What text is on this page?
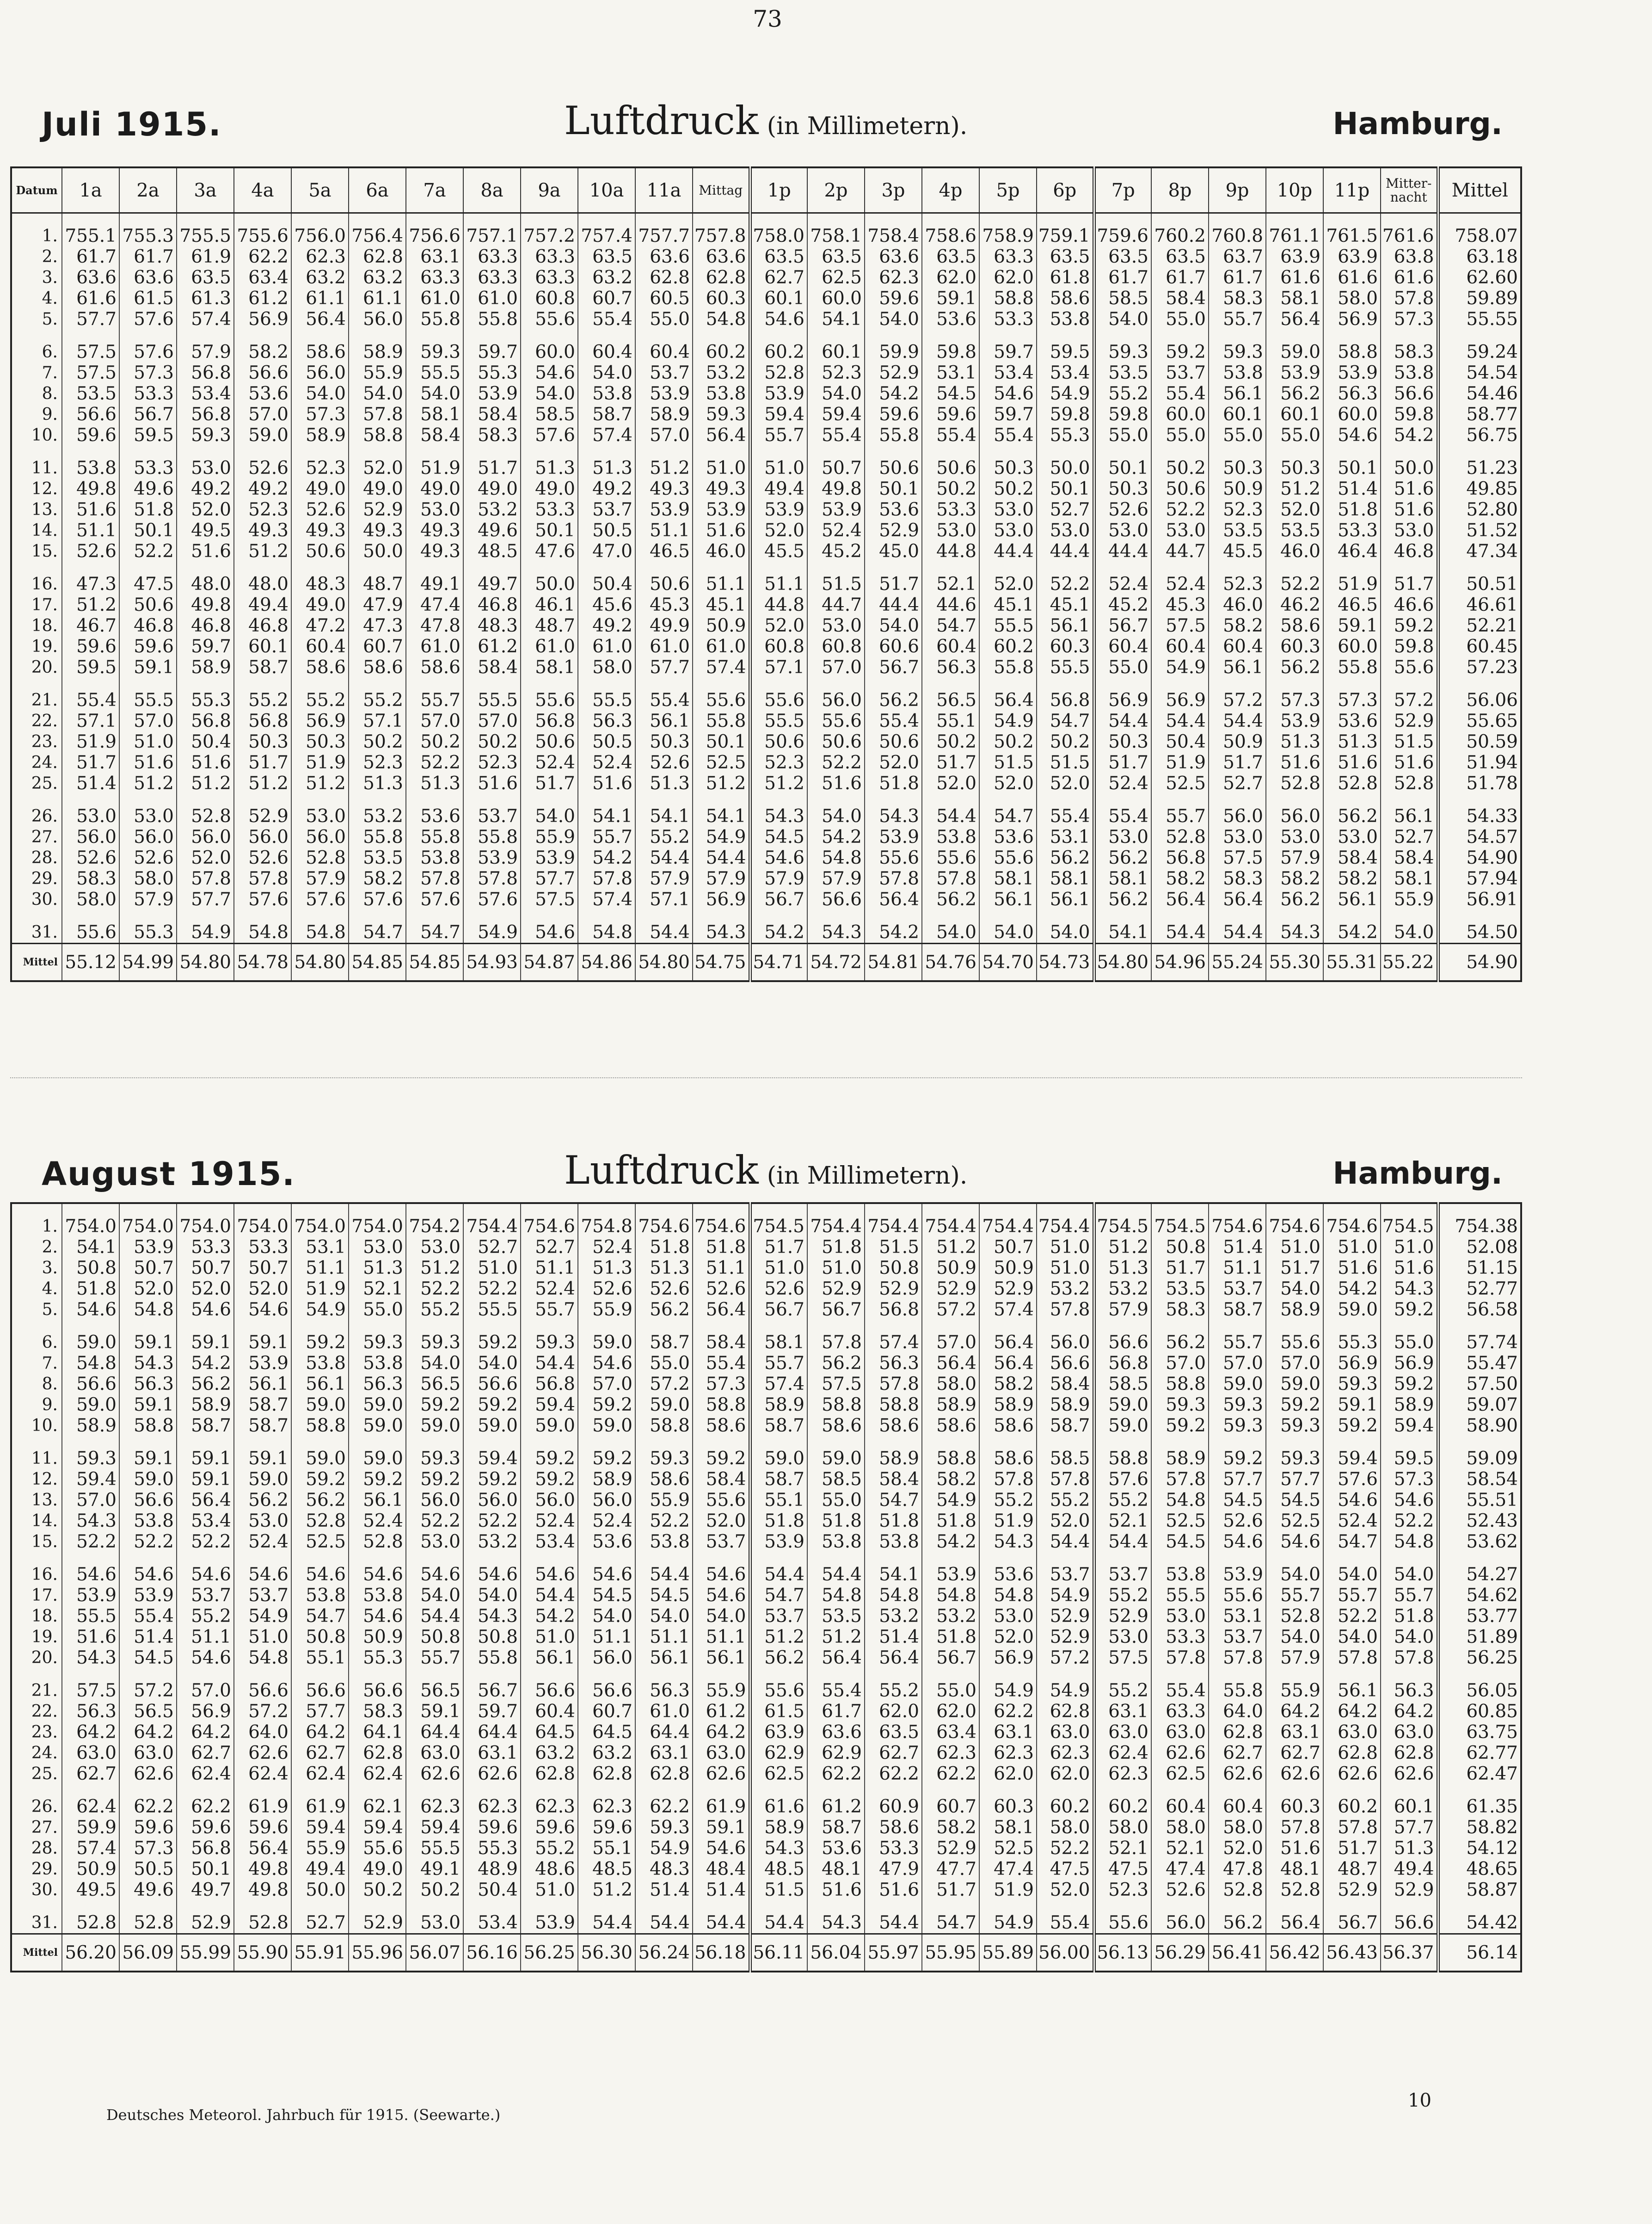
73
Juli 1915.	Luftdruck (in Millimetern).	Hamburg.
Datum	1a	2a	3a	4a	5a	6a	7a	8a	9a	10a	11a	Mittag	1p	2p	3p	4p	5p	6p	7p	8p	9p	10p	11p	Mitter-nacht	Mittel
1.	755.1	755.3	755.5	755.6	756.0	756.4	756.6	757.1	757.2	757.4	757.7	757.8	758.0	758.1	758.4	758.6	758.9	759.1	759.6	760.2	760.8	761.1	761.5	761.6	758.07
2.	61.7	61.7	61.9	62.2	62.3	62.8	63.1	63.3	63.3	63.5	63.6	63.6	63.5	63.5	63.6	63.5	63.3	63.5	63.5	63.5	63.7	63.9	63.9	63.8	63.18
3.	63.6	63.6	63.5	63.4	63.2	63.2	63.3	63.3	63.3	63.2	62.8	62.8	62.7	62.5	62.3	62.0	62.0	61.8	61.7	61.7	61.7	61.6	61.6	61.6	62.60
4.	61.6	61.5	61.3	61.2	61.1	61.1	61.0	61.0	60.8	60.7	60.5	60.3	60.1	60.0	59.6	59.1	58.8	58.6	58.5	58.4	58.3	58.1	58.0	57.8	59.89
5.	57.7	57.6	57.4	56.9	56.4	56.0	55.8	55.8	55.6	55.4	55.0	54.8	54.6	54.1	54.0	53.6	53.3	53.8	54.0	55.0	55.7	56.4	56.9	57.3	55.55
6.	57.5	57.6	57.9	58.2	58.6	58.9	59.3	59.7	60.0	60.4	60.4	60.2	60.2	60.1	59.9	59.8	59.7	59.5	59.3	59.2	59.3	59.0	58.8	58.3	59.24
7.	57.5	57.3	56.8	56.6	56.0	55.9	55.5	55.3	54.6	54.0	53.7	53.2	52.8	52.3	52.9	53.1	53.4	53.4	53.5	53.7	53.8	53.9	53.9	53.8	54.54
8.	53.5	53.3	53.4	53.6	54.0	54.0	54.0	53.9	54.0	53.8	53.9	53.8	53.9	54.0	54.2	54.5	54.6	54.9	55.2	55.4	56.1	56.2	56.3	56.6	54.46
9.	56.6	56.7	56.8	57.0	57.3	57.8	58.1	58.4	58.5	58.7	58.9	59.3	59.4	59.4	59.6	59.6	59.7	59.8	59.8	60.0	60.1	60.1	60.0	59.8	58.77
10.	59.6	59.5	59.3	59.0	58.9	58.8	58.4	58.3	57.6	57.4	57.0	56.4	55.7	55.4	55.8	55.4	55.4	55.3	55.0	55.0	55.0	55.0	54.6	54.2	56.75
11.	53.8	53.3	53.0	52.6	52.3	52.0	51.9	51.7	51.3	51.3	51.2	51.0	51.0	50.7	50.6	50.6	50.3	50.0	50.1	50.2	50.3	50.3	50.1	50.0	51.23
12.	49.8	49.6	49.2	49.2	49.0	49.0	49.0	49.0	49.0	49.2	49.3	49.3	49.4	49.8	50.1	50.2	50.2	50.1	50.3	50.6	50.9	51.2	51.4	51.6	49.85
13.	51.6	51.8	52.0	52.3	52.6	52.9	53.0	53.2	53.3	53.7	53.9	53.9	53.9	53.9	53.6	53.3	53.0	52.7	52.6	52.2	52.3	52.0	51.8	51.6	52.80
14.	51.1	50.1	49.5	49.3	49.3	49.3	49.3	49.6	50.1	50.5	51.1	51.6	52.0	52.4	52.9	53.0	53.0	53.0	53.0	53.0	53.5	53.5	53.3	53.0	51.52
15.	52.6	52.2	51.6	51.2	50.6	50.0	49.3	48.5	47.6	47.0	46.5	46.0	45.5	45.2	45.0	44.8	44.4	44.4	44.4	44.7	45.5	46.0	46.4	46.8	47.34
16.	47.3	47.5	48.0	48.0	48.3	48.7	49.1	49.7	50.0	50.4	50.6	51.1	51.1	51.5	51.7	52.1	52.0	52.2	52.4	52.4	52.3	52.2	51.9	51.7	50.51
17.	51.2	50.6	49.8	49.4	49.0	47.9	47.4	46.8	46.1	45.6	45.3	45.1	44.8	44.7	44.4	44.6	45.1	45.1	45.2	45.3	46.0	46.2	46.5	46.6	46.61
18.	46.7	46.8	46.8	46.8	47.2	47.3	47.8	48.3	48.7	49.2	49.9	50.9	52.0	53.0	54.0	54.7	55.5	56.1	56.7	57.5	58.2	58.6	59.1	59.2	52.21
19.	59.6	59.6	59.7	60.1	60.4	60.7	61.0	61.2	61.0	61.0	61.0	61.0	60.8	60.8	60.6	60.4	60.2	60.3	60.4	60.4	60.4	60.3	60.0	59.8	60.45
20.	59.5	59.1	58.9	58.7	58.6	58.6	58.6	58.4	58.1	58.0	57.7	57.4	57.1	57.0	56.7	56.3	55.8	55.5	55.0	54.9	56.1	56.2	55.8	55.6	57.23
21.	55.4	55.5	55.3	55.2	55.2	55.2	55.7	55.5	55.6	55.5	55.4	55.6	55.6	56.0	56.2	56.5	56.4	56.8	56.9	56.9	57.2	57.3	57.3	57.2	56.06
22.	57.1	57.0	56.8	56.8	56.9	57.1	57.0	57.0	56.8	56.3	56.1	55.8	55.5	55.6	55.4	55.1	54.9	54.7	54.4	54.4	54.4	53.9	53.6	52.9	55.65
23.	51.9	51.0	50.4	50.3	50.3	50.2	50.2	50.2	50.6	50.5	50.3	50.1	50.6	50.6	50.6	50.2	50.2	50.2	50.3	50.4	50.9	51.3	51.3	51.5	50.59
24.	51.7	51.6	51.6	51.7	51.9	52.3	52.2	52.3	52.4	52.4	52.6	52.5	52.3	52.2	52.0	51.7	51.5	51.5	51.7	51.9	51.7	51.6	51.6	51.6	51.94
25.	51.4	51.2	51.2	51.2	51.2	51.3	51.3	51.6	51.7	51.6	51.3	51.2	51.2	51.6	51.8	52.0	52.0	52.0	52.4	52.5	52.7	52.8	52.8	52.8	51.78
26.	53.0	53.0	52.8	52.9	53.0	53.2	53.6	53.7	54.0	54.1	54.1	54.1	54.3	54.0	54.3	54.4	54.7	55.4	55.4	55.7	56.0	56.0	56.2	56.1	54.33
27.	56.0	56.0	56.0	56.0	56.0	55.8	55.8	55.8	55.9	55.7	55.2	54.9	54.5	54.2	53.9	53.8	53.6	53.1	53.0	52.8	53.0	53.0	53.0	52.7	54.57
28.	52.6	52.6	52.0	52.6	52.8	53.5	53.8	53.9	53.9	54.2	54.4	54.4	54.6	54.8	55.6	55.6	55.6	56.2	56.2	56.8	57.5	57.9	58.4	58.4	54.90
29.	58.3	58.0	57.8	57.8	57.9	58.2	57.8	57.8	57.7	57.8	57.9	57.9	57.9	57.9	57.8	57.8	58.1	58.1	58.1	58.2	58.3	58.2	58.2	58.1	57.94
30.	58.0	57.9	57.7	57.6	57.6	57.6	57.6	57.6	57.5	57.4	57.1	56.9	56.7	56.6	56.4	56.2	56.1	56.1	56.2	56.4	56.4	56.2	56.1	55.9	56.91
31.	55.6	55.3	54.9	54.8	54.8	54.7	54.7	54.9	54.6	54.8	54.4	54.3	54.2	54.3	54.2	54.0	54.0	54.0	54.1	54.4	54.4	54.3	54.2	54.0	54.50
Mittel	55.12	54.99	54.80	54.78	54.80	54.85	54.85	54.93	54.87	54.86	54.80	54.75	54.71	54.72	54.81	54.76	54.70	54.73	54.80	54.96	55.24	55.30	55.31	55.22	54.90
August 1915.	Luftdruck (in Millimetern).	Hamburg.
1.	754.0	754.0	754.0	754.0	754.0	754.0	754.2	754.4	754.6	754.8	754.6	754.6	754.5	754.4	754.4	754.4	754.4	754.4	754.5	754.5	754.6	754.6	754.6	754.5	754.38
2.	54.1	53.9	53.3	53.3	53.1	53.0	53.0	52.7	52.7	52.4	51.8	51.8	51.7	51.8	51.5	51.2	50.7	51.0	51.2	50.8	51.4	51.0	51.0	51.0	52.08
3.	50.8	50.7	50.7	50.7	51.1	51.3	51.2	51.0	51.1	51.3	51.3	51.1	51.0	51.0	50.8	50.9	50.9	51.0	51.3	51.7	51.1	51.7	51.6	51.6	51.15
4.	51.8	52.0	52.0	52.0	51.9	52.1	52.2	52.2	52.4	52.6	52.6	52.6	52.6	52.9	52.9	52.9	52.9	53.2	53.2	53.5	53.7	54.0	54.2	54.3	52.77
5.	54.6	54.8	54.6	54.6	54.9	55.0	55.2	55.5	55.7	55.9	56.2	56.4	56.7	56.7	56.8	57.2	57.4	57.8	57.9	58.3	58.7	58.9	59.0	59.2	56.58
6.	59.0	59.1	59.1	59.1	59.2	59.3	59.3	59.2	59.3	59.0	58.7	58.4	58.1	57.8	57.4	57.0	56.4	56.0	56.6	56.2	55.7	55.6	55.3	55.0	57.74
7.	54.8	54.3	54.2	53.9	53.8	53.8	54.0	54.0	54.4	54.6	55.0	55.4	55.7	56.2	56.3	56.4	56.4	56.6	56.8	57.0	57.0	57.0	56.9	56.9	55.47
8.	56.6	56.3	56.2	56.1	56.1	56.3	56.5	56.6	56.8	57.0	57.2	57.3	57.4	57.5	57.8	58.0	58.2	58.4	58.5	58.8	59.0	59.0	59.3	59.2	57.50
9.	59.0	59.1	58.9	58.7	59.0	59.0	59.2	59.2	59.4	59.2	59.0	58.8	58.9	58.8	58.8	58.9	58.9	58.9	59.0	59.3	59.3	59.2	59.1	58.9	59.07
10.	58.9	58.8	58.7	58.7	58.8	59.0	59.0	59.0	59.0	59.0	58.8	58.6	58.7	58.6	58.6	58.6	58.6	58.7	59.0	59.2	59.3	59.3	59.2	59.4	58.90
11.	59.3	59.1	59.1	59.1	59.0	59.0	59.3	59.4	59.2	59.2	59.3	59.2	59.0	59.0	58.9	58.8	58.6	58.5	58.8	58.9	59.2	59.3	59.4	59.5	59.09
12.	59.4	59.0	59.1	59.0	59.2	59.2	59.2	59.2	59.2	58.9	58.6	58.4	58.7	58.5	58.4	58.2	57.8	57.8	57.6	57.8	57.7	57.7	57.6	57.3	58.54
13.	57.0	56.6	56.4	56.2	56.2	56.1	56.0	56.0	56.0	56.0	55.9	55.6	55.1	55.0	54.7	54.9	55.2	55.2	55.2	54.8	54.5	54.5	54.6	54.6	55.51
14.	54.3	53.8	53.4	53.0	52.8	52.4	52.2	52.2	52.4	52.4	52.2	52.0	51.8	51.8	51.8	51.8	51.9	52.0	52.1	52.5	52.6	52.5	52.4	52.2	52.43
15.	52.2	52.2	52.2	52.4	52.5	52.8	53.0	53.2	53.4	53.6	53.8	53.7	53.9	53.8	53.8	54.2	54.3	54.4	54.4	54.5	54.6	54.6	54.7	54.8	53.62
16.	54.6	54.6	54.6	54.6	54.6	54.6	54.6	54.6	54.6	54.6	54.4	54.6	54.4	54.4	54.1	53.9	53.6	53.7	53.7	53.8	53.9	54.0	54.0	54.0	54.27
17.	53.9	53.9	53.7	53.7	53.8	53.8	54.0	54.0	54.4	54.5	54.5	54.6	54.7	54.8	54.8	54.8	54.8	54.9	55.2	55.5	55.6	55.7	55.7	55.7	54.62
18.	55.5	55.4	55.2	54.9	54.7	54.6	54.4	54.3	54.2	54.0	54.0	54.0	53.7	53.5	53.2	53.2	53.0	52.9	52.9	53.0	53.1	52.8	52.2	51.8	53.77
19.	51.6	51.4	51.1	51.0	50.8	50.9	50.8	50.8	51.0	51.1	51.1	51.1	51.2	51.2	51.4	51.8	52.0	52.9	53.0	53.3	53.7	54.0	54.0	54.0	51.89
20.	54.3	54.5	54.6	54.8	55.1	55.3	55.7	55.8	56.1	56.0	56.1	56.1	56.2	56.4	56.4	56.7	56.9	57.2	57.5	57.8	57.8	57.9	57.8	57.8	56.25
21.	57.5	57.2	57.0	56.6	56.6	56.6	56.5	56.7	56.6	56.6	56.3	55.9	55.6	55.4	55.2	55.0	54.9	54.9	55.2	55.4	55.8	55.9	56.1	56.3	56.05
22.	56.3	56.5	56.9	57.2	57.7	58.3	59.1	59.7	60.4	60.7	61.0	61.2	61.5	61.7	62.0	62.0	62.2	62.8	63.1	63.3	64.0	64.2	64.2	64.2	60.85
23.	64.2	64.2	64.2	64.0	64.2	64.1	64.4	64.4	64.5	64.5	64.4	64.2	63.9	63.6	63.5	63.4	63.1	63.0	63.0	63.0	62.8	63.1	63.0	63.0	63.75
24.	63.0	63.0	62.7	62.6	62.7	62.8	63.0	63.1	63.2	63.2	63.1	63.0	62.9	62.9	62.7	62.3	62.3	62.3	62.4	62.6	62.7	62.7	62.8	62.8	62.77
25.	62.7	62.6	62.4	62.4	62.4	62.4	62.6	62.6	62.8	62.8	62.8	62.6	62.5	62.2	62.2	62.2	62.0	62.0	62.3	62.5	62.6	62.6	62.6	62.6	62.47
26.	62.4	62.2	62.2	61.9	61.9	62.1	62.3	62.3	62.3	62.3	62.2	61.9	61.6	61.2	60.9	60.7	60.3	60.2	60.2	60.4	60.4	60.3	60.2	60.1	61.35
27.	59.9	59.6	59.6	59.6	59.4	59.4	59.4	59.6	59.6	59.6	59.3	59.1	58.9	58.7	58.6	58.2	58.1	58.0	58.0	58.0	58.0	57.8	57.8	57.7	58.82
28.	57.4	57.3	56.8	56.4	55.9	55.6	55.5	55.3	55.2	55.1	54.9	54.6	54.3	53.6	53.3	52.9	52.5	52.2	52.1	52.1	52.0	51.6	51.7	51.3	54.12
29.	50.9	50.5	50.1	49.8	49.4	49.0	49.1	48.9	48.6	48.5	48.3	48.4	48.5	48.1	47.9	47.7	47.4	47.5	47.5	47.4	47.8	48.1	48.7	49.4	48.65
30.	49.5	49.6	49.7	49.8	50.0	50.2	50.2	50.4	51.0	51.2	51.4	51.4	51.5	51.6	51.6	51.7	51.9	52.0	52.3	52.6	52.8	52.8	52.9	52.9	58.87
31.	52.8	52.8	52.9	52.8	52.7	52.9	53.0	53.4	53.9	54.4	54.4	54.4	54.4	54.3	54.4	54.7	54.9	55.4	55.6	56.0	56.2	56.4	56.7	56.6	54.42
Mittel	56.20	56.09	55.99	55.90	55.91	55.96	56.07	56.16	56.25	56.30	56.24	56.18	56.11	56.04	55.97	55.95	55.89	56.00	56.13	56.29	56.41	56.42	56.43	56.37	56.14
Deutsches Meteorol. Jahrbuch für 1915. (Seewarte.)
10
